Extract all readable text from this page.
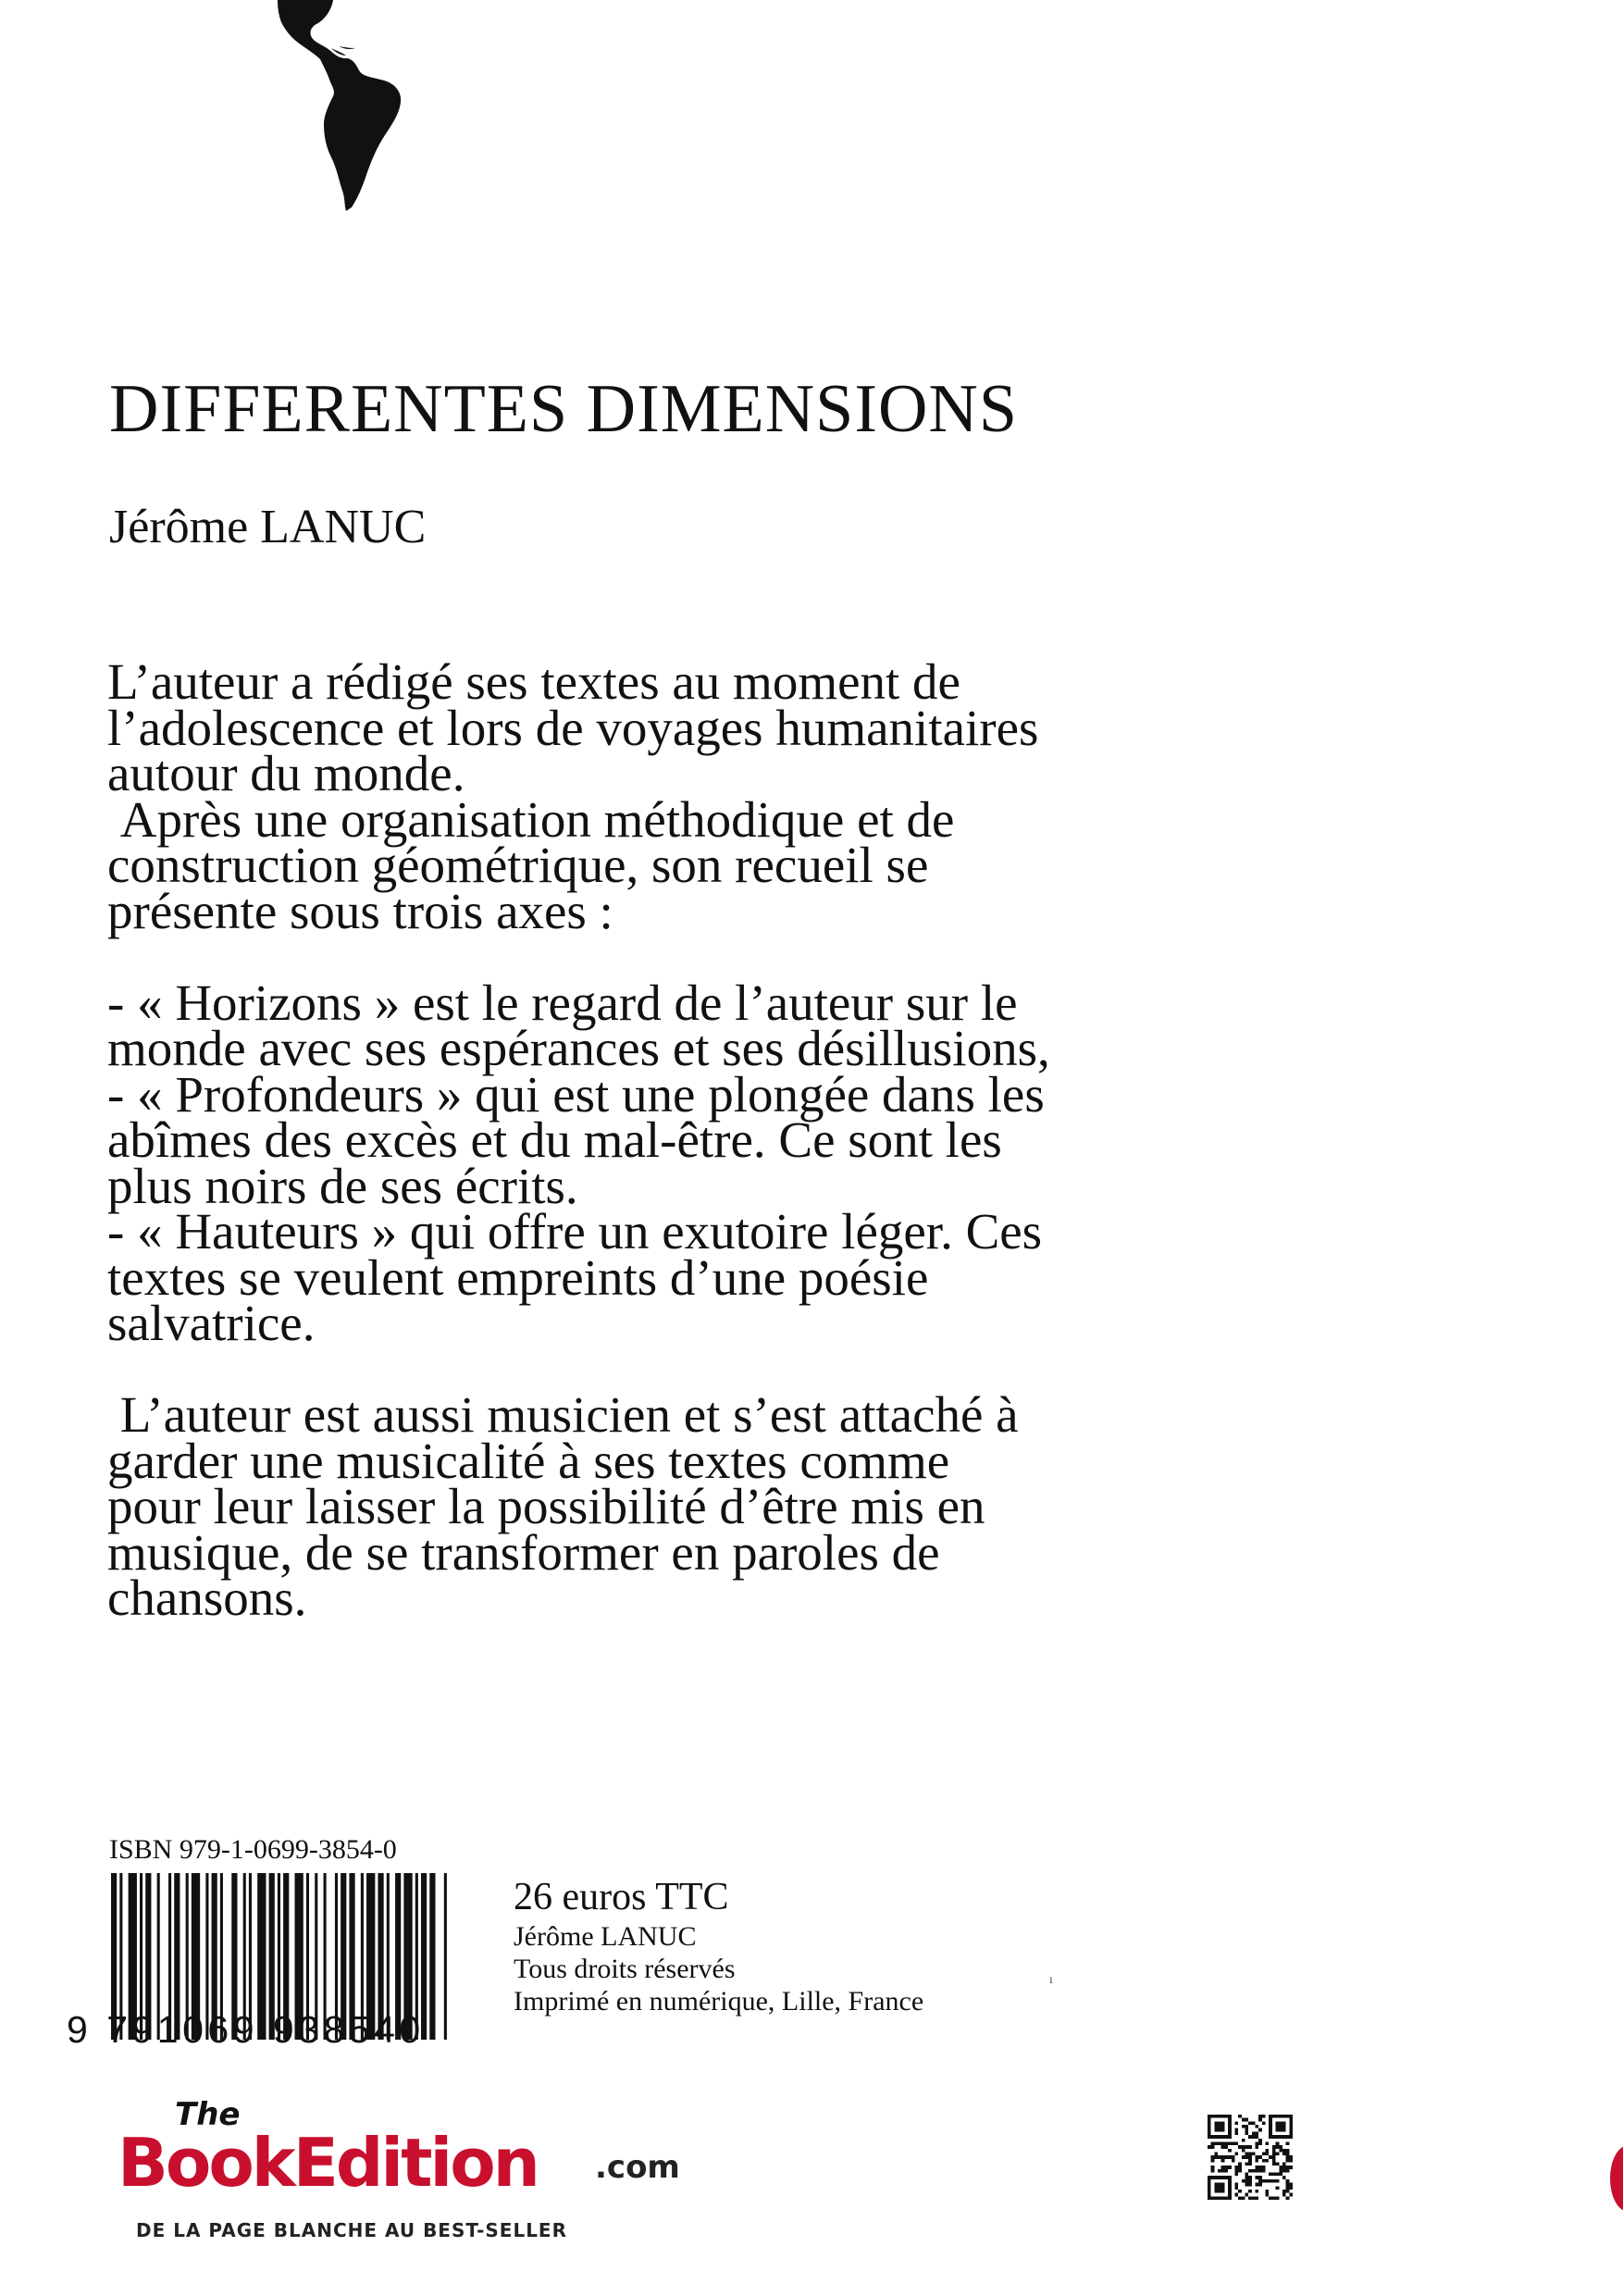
DIFFERENTES DIMENSIONS
Jérôme LANUC

L’auteur a rédigé ses textes au moment de
l’adolescence et lors de voyages humanitaires
autour du monde.
Après une organisation méthodique et de
construction géométrique, son recueil se
présente sous trois axes :

- « Horizons » est le regard de l’auteur sur le
monde avec ses espérances et ses désillusions,
- « Profondeurs » qui est une plongée dans les
abîmes des excès et du mal-être. Ce sont les
plus noirs de ses écrits.
- « Hauteurs » qui offre un exutoire léger. Ces
textes se veulent empreints d’une poésie
salvatrice.

L’auteur est aussi musicien et s’est attaché à
garder une musicalité à ses textes comme
pour leur laisser la possibilité d’être mis en
musique, de se transformer en paroles de
chansons.

ISBN 979-1-0699-3854-0
9 791069 938540
26 euros TTC
Jérôme LANUC
Tous droits réservés
Imprimé en numérique, Lille, France
ı
The
BookEdition .com
DE LA PAGE BLANCHE AU BEST-SELLER
